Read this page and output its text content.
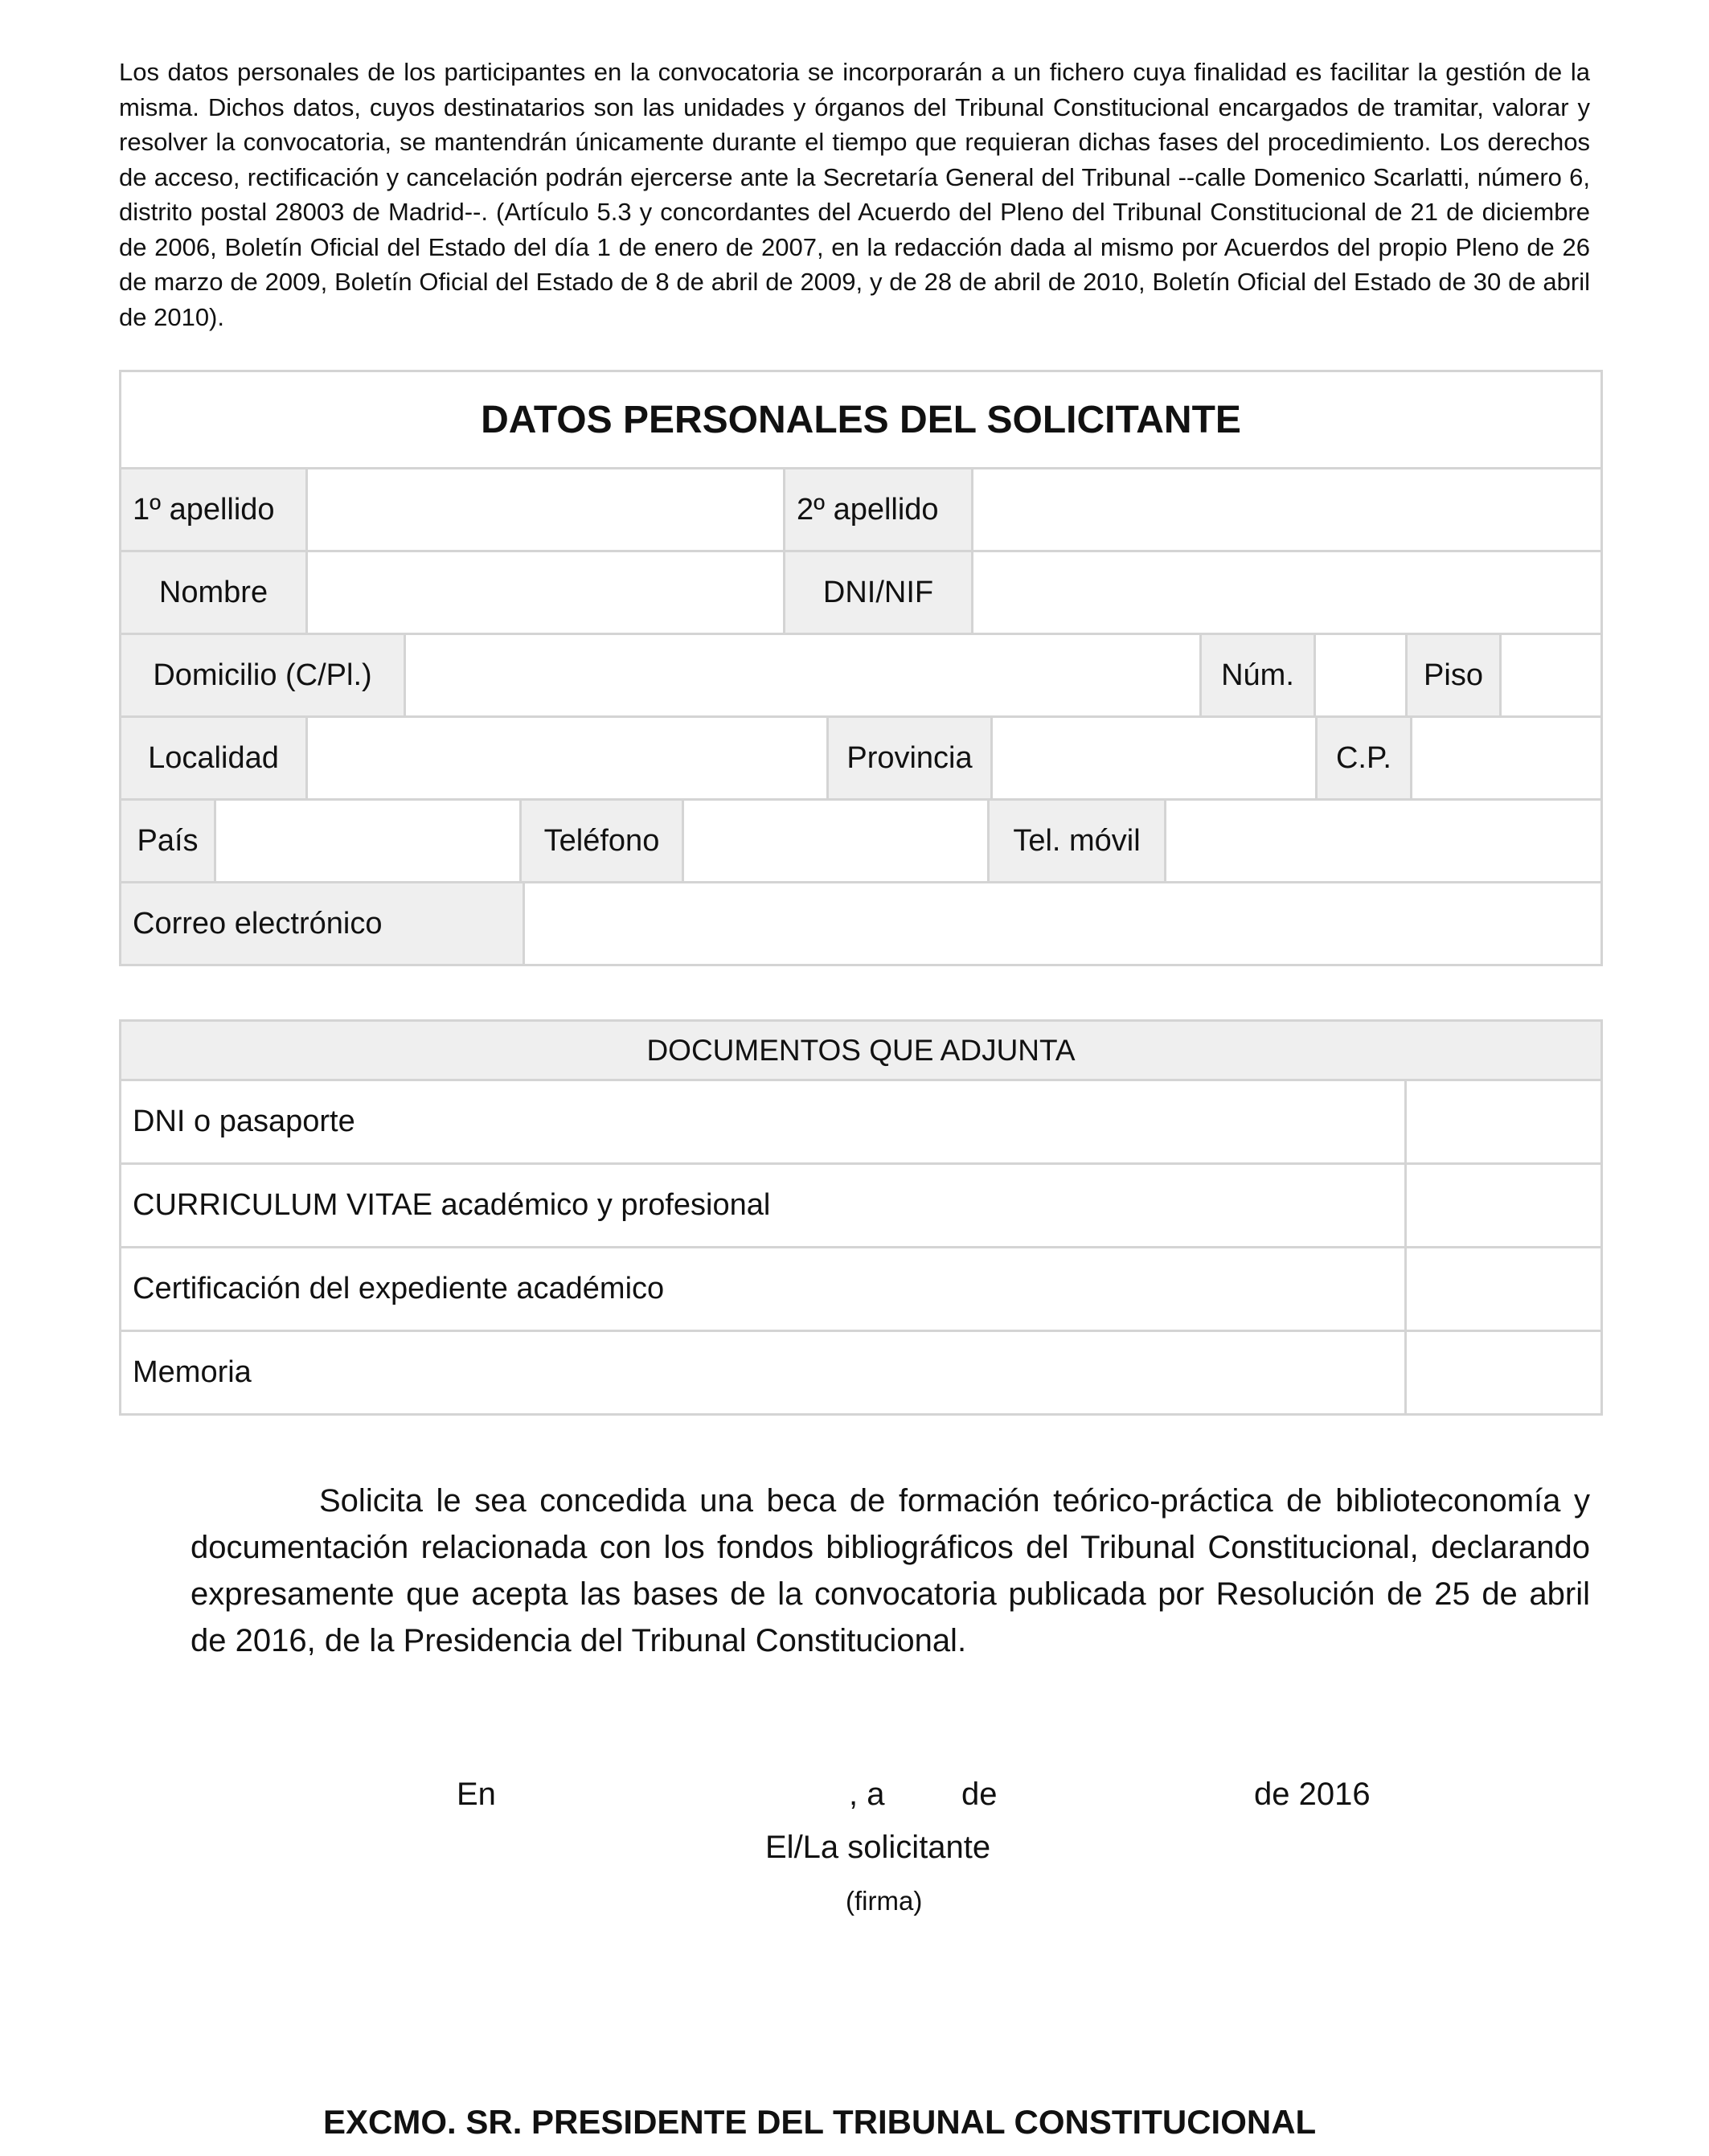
Los datos personales de los participantes en la convocatoria se incorporarán a un fichero cuya finalidad es facilitar la gestión de la misma. Dichos datos, cuyos destinatarios son las unidades y órganos del Tribunal Constitucional encargados de tramitar, valorar y resolver la convocatoria, se mantendrán únicamente durante el tiempo que requieran dichas fases del procedimiento. Los derechos de acceso, rectificación y cancelación podrán ejercerse ante la Secretaría General del Tribunal --calle Domenico Scarlatti, número 6, distrito postal 28003 de Madrid--. (Artículo 5.3 y concordantes del Acuerdo del Pleno del Tribunal Constitucional de 21 de diciembre de 2006, Boletín Oficial del Estado del día 1 de enero de 2007, en la redacción dada al mismo por Acuerdos del propio Pleno de 26 de marzo de 2009, Boletín Oficial del Estado de 8 de abril de 2009, y de 28 de abril de 2010, Boletín Oficial del Estado de 30 de abril de 2010).

DATOS PERSONALES DEL SOLICITANTE
1º apellido	2º apellido
Nombre	DNI/NIF
Domicilio (C/Pl.)	Núm.	Piso
Localidad	Provincia	C.P.
País	Teléfono	Tel. móvil
Correo electrónico
DOCUMENTOS QUE ADJUNTA
DNI o pasaporte
CURRICULUM VITAE académico y profesional
Certificación del expediente académico
Memoria

Solicita le sea concedida una beca de formación teórico-práctica de biblioteconomía y documentación relacionada con los fondos bibliográficos del Tribunal Constitucional, declarando expresamente que acepta las bases de la convocatoria publicada por Resolución de 25 de abril de 2016, de la Presidencia del Tribunal Constitucional.

En	, a de	de 2016
El/La solicitante
(firma)
EXCMO. SR. PRESIDENTE DEL TRIBUNAL CONSTITUCIONAL
